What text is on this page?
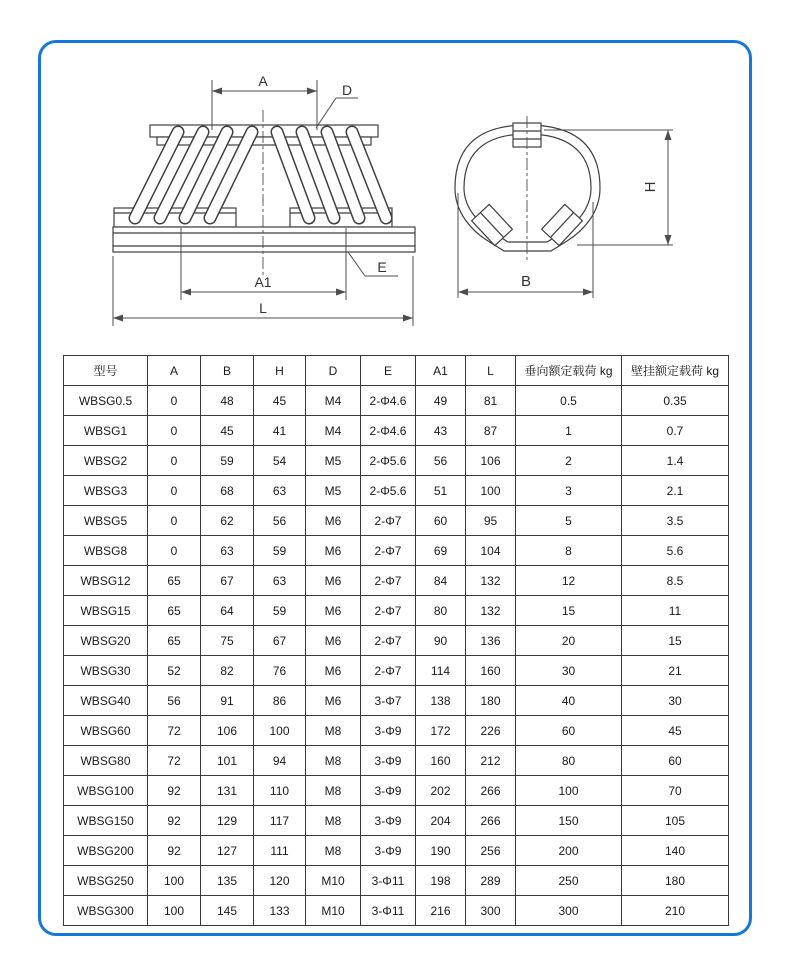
A
D
A1
E
L
H
B
型号	A	B	H	D	E	A1	L	垂向额定载荷 kg	壁挂额定载荷 kg
WBSG0.5	0	48	45	M4	2-Φ4.6	49	81	0.5	0.35
WBSG1	0	45	41	M4	2-Φ4.6	43	87	1	0.7
WBSG2	0	59	54	M5	2-Φ5.6	56	106	2	1.4
WBSG3	0	68	63	M5	2-Φ5.6	51	100	3	2.1
WBSG5	0	62	56	M6	2-Φ7	60	95	5	3.5
WBSG8	0	63	59	M6	2-Φ7	69	104	8	5.6
WBSG12	65	67	63	M6	2-Φ7	84	132	12	8.5
WBSG15	65	64	59	M6	2-Φ7	80	132	15	11
WBSG20	65	75	67	M6	2-Φ7	90	136	20	15
WBSG30	52	82	76	M6	2-Φ7	114	160	30	21
WBSG40	56	91	86	M6	3-Φ7	138	180	40	30
WBSG60	72	106	100	M8	3-Φ9	172	226	60	45
WBSG80	72	101	94	M8	3-Φ9	160	212	80	60
WBSG100	92	131	110	M8	3-Φ9	202	266	100	70
WBSG150	92	129	117	M8	3-Φ9	204	266	150	105
WBSG200	92	127	111	M8	3-Φ9	190	256	200	140
WBSG250	100	135	120	M10	3-Φ11	198	289	250	180
WBSG300	100	145	133	M10	3-Φ11	216	300	300	210
